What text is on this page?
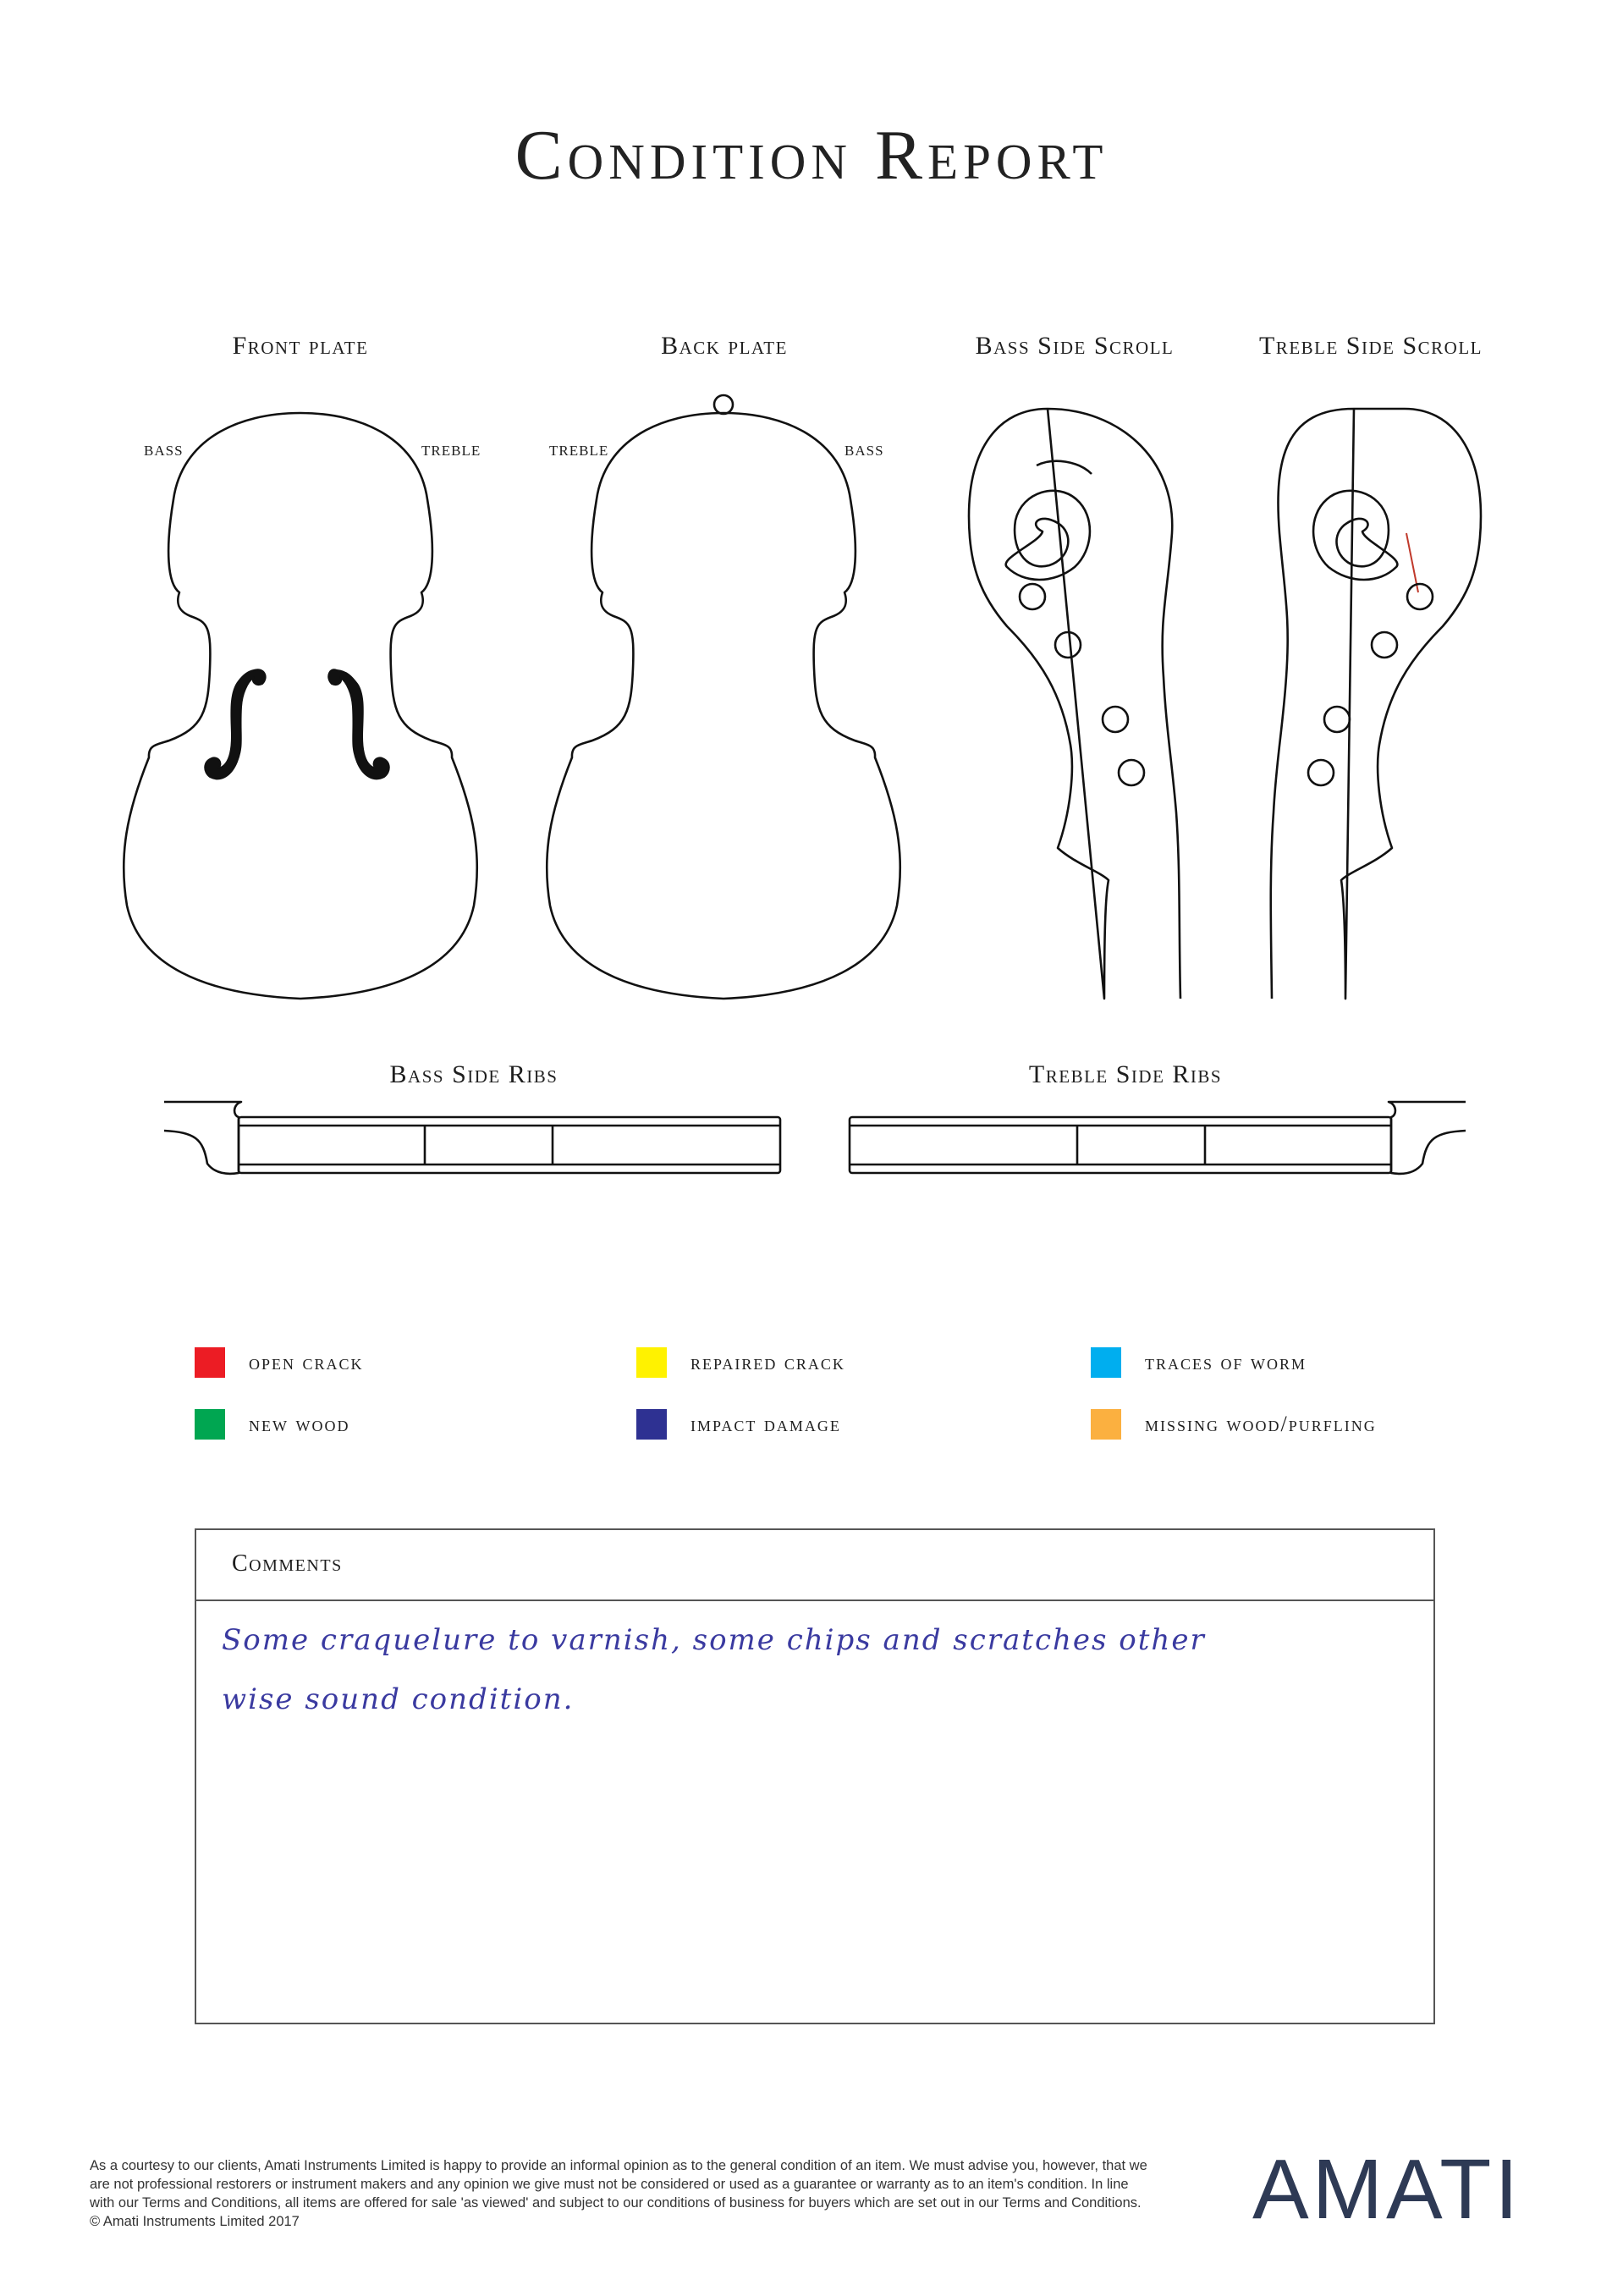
Condition Report
Front plate	Back plate	Bass Side Scroll	Treble Side Scroll
Bass Side Ribs	Treble Side Ribs
BASS	TREBLE	TREBLE	BASS
open crack	repaired crack	traces of worm
new wood	impact damage	missing wood/purfling
Comments
Some craquelure to varnish, some chips and scratches other
wise sound condition.
As a courtesy to our clients, Amati Instruments Limited is happy to provide an informal opinion as to the general condition of an item. We must advise you, however, that we are not professional restorers or instrument makers and any opinion we give must not be considered or used as a guarantee or warranty as to an item's condition. In line with our Terms and Conditions, all items are offered for sale 'as viewed' and subject to our conditions of business for buyers which are set out in our Terms and Conditions. © Amati Instruments Limited 2017	AMATI
